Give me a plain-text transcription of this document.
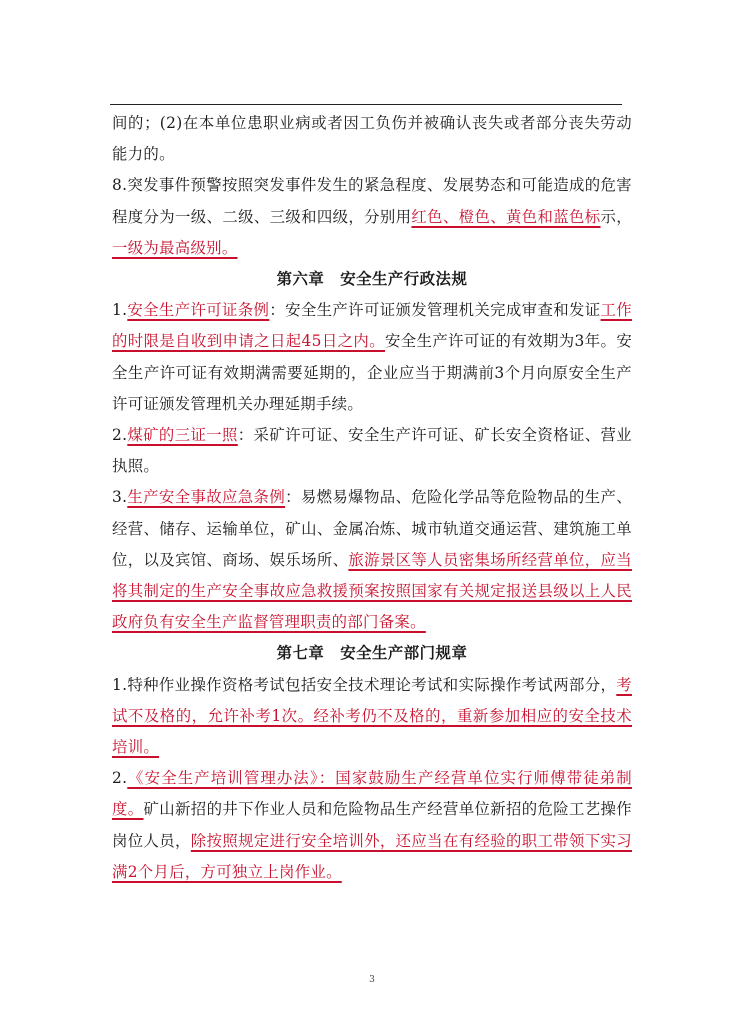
间的；(2)在本单位患职业病或者因工负伤并被确认丧失或者部分丧失劳动能力的。

8.突发事件预警按照突发事件发生的紧急程度、发展势态和可能造成的危害程度分为一级、二级、三级和四级，分别用红色、橙色、黄色和蓝色标示，一级为最高级别。

第六章　安全生产行政法规

1.安全生产许可证条例：安全生产许可证颁发管理机关完成审查和发证工作的时限是自收到申请之日起45日之内。安全生产许可证的有效期为3年。安全生产许可证有效期满需要延期的，企业应当于期满前3个月向原安全生产许可证颁发管理机关办理延期手续。

2.煤矿的三证一照：采矿许可证、安全生产许可证、矿长安全资格证、营业执照。

3.生产安全事故应急条例：易燃易爆物品、危险化学品等危险物品的生产、经营、储存、运输单位，矿山、金属冶炼、城市轨道交通运营、建筑施工单位，以及宾馆、商场、娱乐场所、旅游景区等人员密集场所经营单位，应当将其制定的生产安全事故应急救援预案按照国家有关规定报送县级以上人民政府负有安全生产监督管理职责的部门备案。

第七章　安全生产部门规章

1.特种作业操作资格考试包括安全技术理论考试和实际操作考试两部分，考试不及格的，允许补考1次。经补考仍不及格的，重新参加相应的安全技术培训。

2.《安全生产培训管理办法》：国家鼓励生产经营单位实行师傅带徒弟制度。矿山新招的井下作业人员和危险物品生产经营单位新招的危险工艺操作岗位人员，除按照规定进行安全培训外，还应当在有经验的职工带领下实习满2个月后，方可独立上岗作业。

3
